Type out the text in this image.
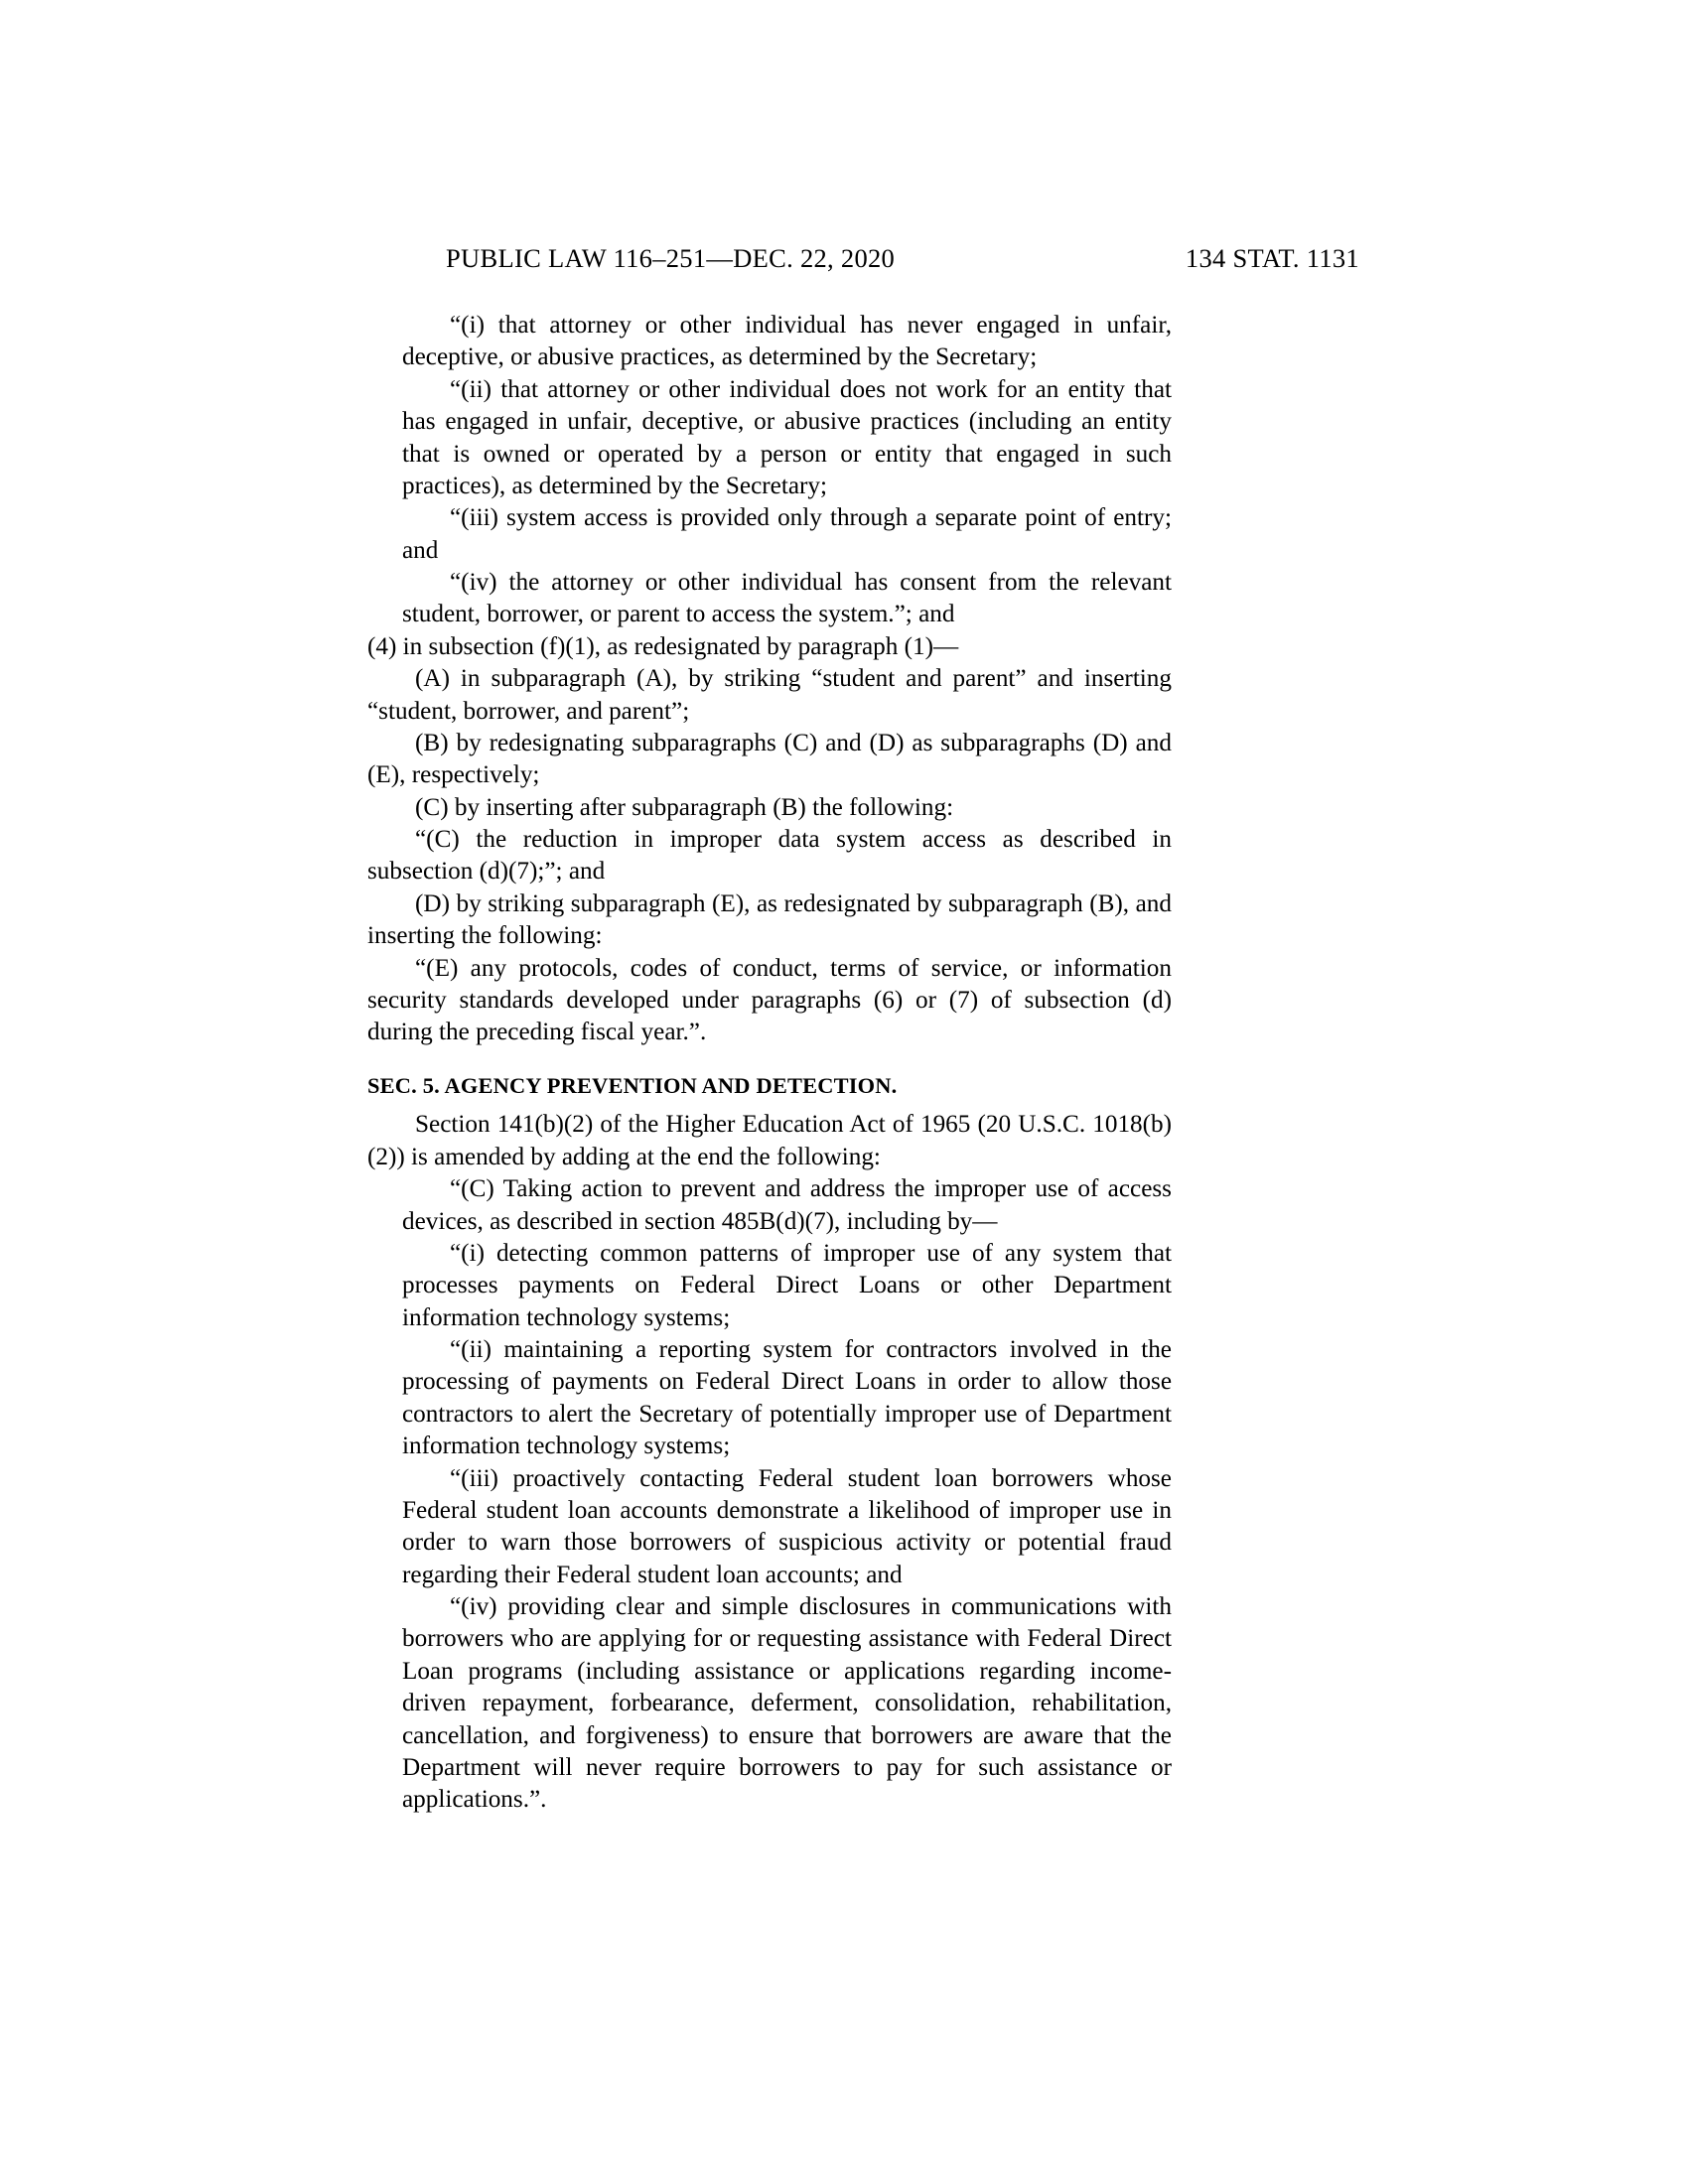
PUBLIC LAW 116–251—DEC. 22, 2020	134 STAT. 1131

“(i) that attorney or other individual has never engaged in unfair, deceptive, or abusive practices, as determined by the Secretary;

“(ii) that attorney or other individual does not work for an entity that has engaged in unfair, deceptive, or abusive practices (including an entity that is owned or operated by a person or entity that engaged in such practices), as determined by the Secretary;

“(iii) system access is provided only through a separate point of entry; and

“(iv) the attorney or other individual has consent from the relevant student, borrower, or parent to access the system.”; and

(4) in subsection (f)(1), as redesignated by paragraph (1)—

(A) in subparagraph (A), by striking “student and parent” and inserting “student, borrower, and parent”;

(B) by redesignating subparagraphs (C) and (D) as subparagraphs (D) and (E), respectively;

(C) by inserting after subparagraph (B) the following:

“(C) the reduction in improper data system access as described in subsection (d)(7);”; and

(D) by striking subparagraph (E), as redesignated by subparagraph (B), and inserting the following:

“(E) any protocols, codes of conduct, terms of service, or information security standards developed under paragraphs (6) or (7) of subsection (d) during the preceding fiscal year.”.

SEC. 5. AGENCY PREVENTION AND DETECTION.

Section 141(b)(2) of the Higher Education Act of 1965 (20 U.S.C. 1018(b)(2)) is amended by adding at the end the following:

“(C) Taking action to prevent and address the improper use of access devices, as described in section 485B(d)(7), including by—

“(i) detecting common patterns of improper use of any system that processes payments on Federal Direct Loans or other Department information technology systems;

“(ii) maintaining a reporting system for contractors involved in the processing of payments on Federal Direct Loans in order to allow those contractors to alert the Secretary of potentially improper use of Department information technology systems;

“(iii) proactively contacting Federal student loan borrowers whose Federal student loan accounts demonstrate a likelihood of improper use in order to warn those borrowers of suspicious activity or potential fraud regarding their Federal student loan accounts; and

“(iv) providing clear and simple disclosures in communications with borrowers who are applying for or requesting assistance with Federal Direct Loan programs (including assistance or applications regarding income-driven repayment, forbearance, deferment, consolidation, rehabilitation, cancellation, and forgiveness) to ensure that borrowers are aware that the Department will never require borrowers to pay for such assistance or applications.”.
